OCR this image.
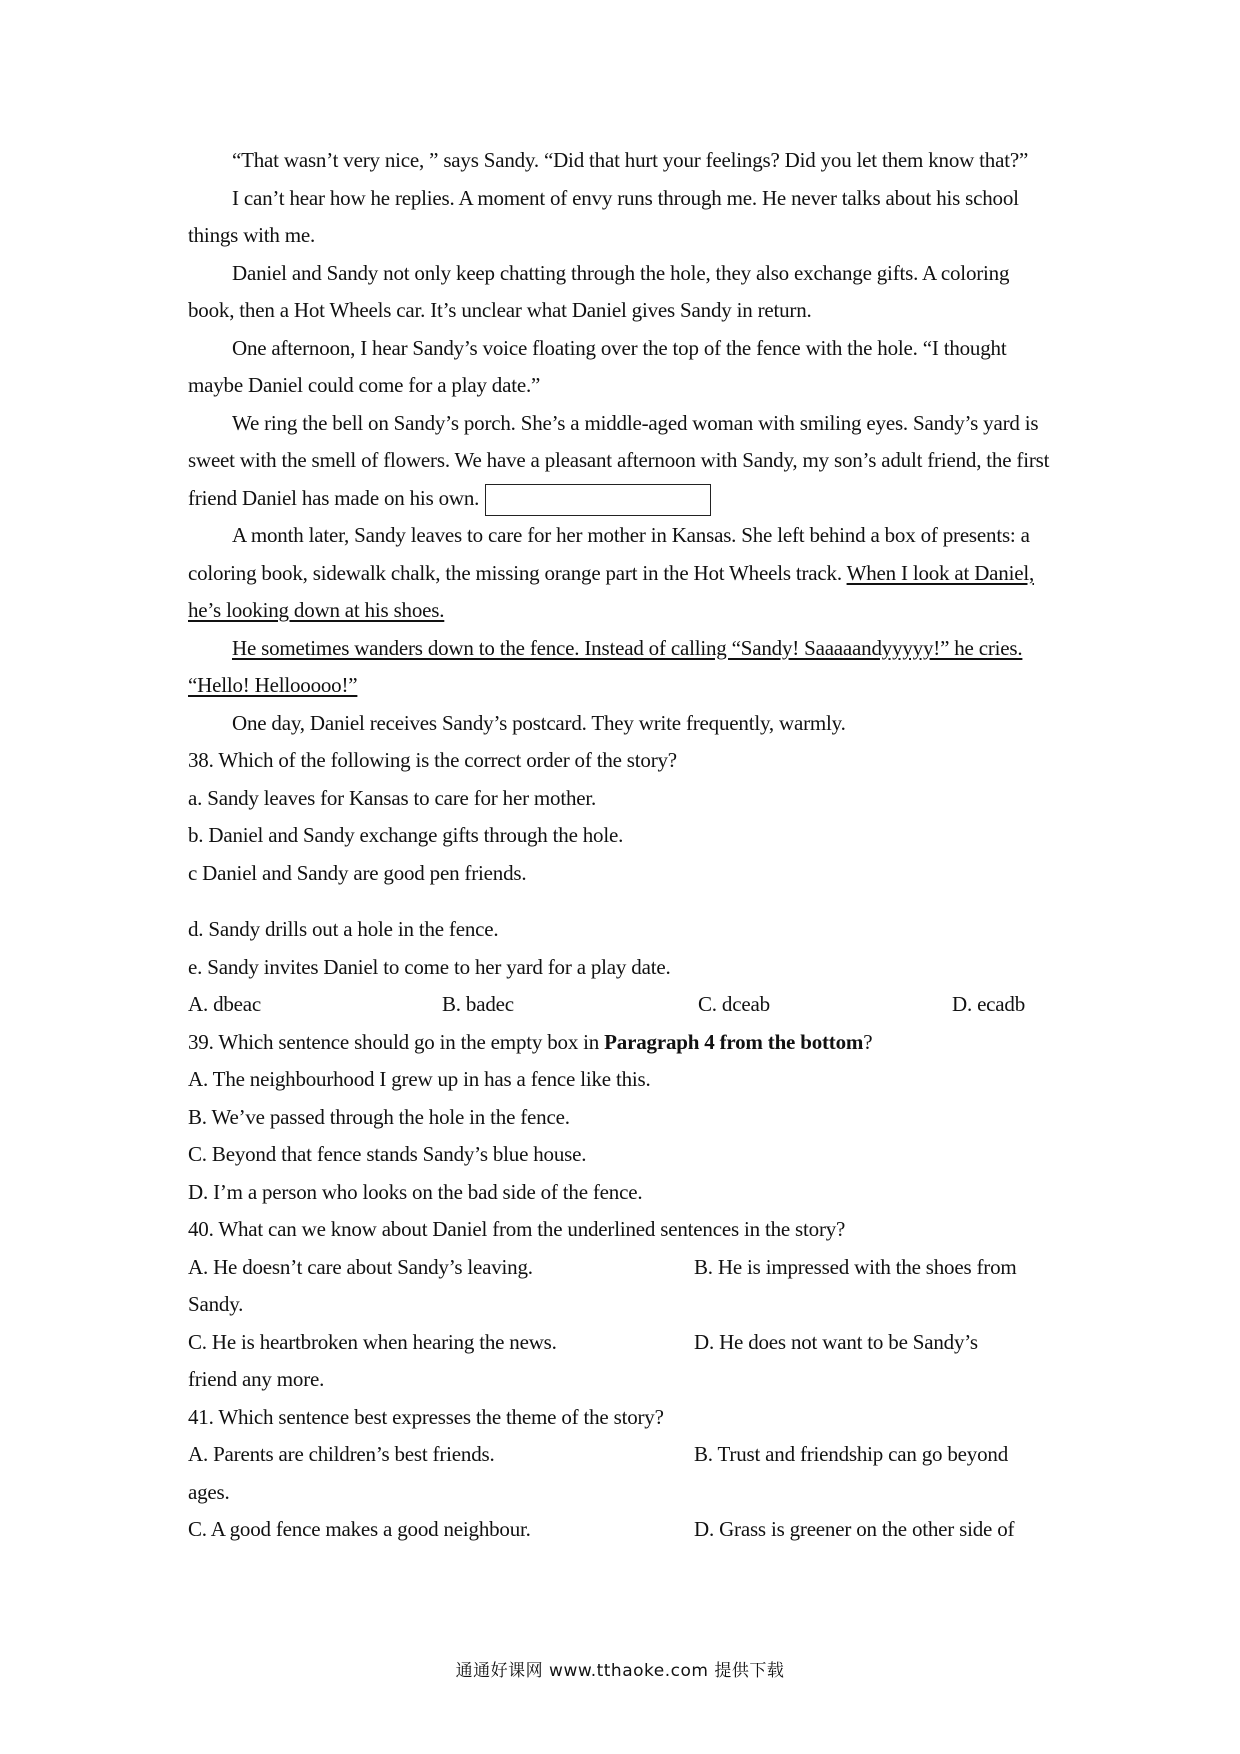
“That wasn’t very nice, ” says Sandy. “Did that hurt your feelings? Did you let them know that?”

I can’t hear how he replies. A moment of envy runs through me. He never talks about his school things with me.

Daniel and Sandy not only keep chatting through the hole, they also exchange gifts. A coloring book, then a Hot Wheels car. It’s unclear what Daniel gives Sandy in return.

One afternoon, I hear Sandy’s voice floating over the top of the fence with the hole. “I thought maybe Daniel could come for a play date.”

We ring the bell on Sandy’s porch. She’s a middle-aged woman with smiling eyes. Sandy’s yard is sweet with the smell of flowers. We have a pleasant afternoon with Sandy, my son’s adult friend, the first friend Daniel has made on his own.

A month later, Sandy leaves to care for her mother in Kansas. She left behind a box of presents: a coloring book, sidewalk chalk, the missing orange part in the Hot Wheels track. When I look at Daniel, he’s looking down at his shoes.

He sometimes wanders down to the fence. Instead of calling “Sandy! Saaaaandyyyyy!” he cries. “Hello! Hellooooo!”

One day, Daniel receives Sandy’s postcard. They write frequently, warmly.

38. Which of the following is the correct order of the story?

a. Sandy leaves for Kansas to care for her mother.

b. Daniel and Sandy exchange gifts through the hole.

c Daniel and Sandy are good pen friends.

d. Sandy drills out a hole in the fence.

e. Sandy invites Daniel to come to her yard for a play date.

A. dbeac	B. badec	C. dceab	D. ecadb

39. Which sentence should go in the empty box in Paragraph 4 from the bottom?

A. The neighbourhood I grew up in has a fence like this.

B. We’ve passed through the hole in the fence.

C. Beyond that fence stands Sandy’s blue house.

D. I’m a person who looks on the bad side of the fence.

40. What can we know about Daniel from the underlined sentences in the story?

A. He doesn’t care about Sandy’s leaving.	B. He is impressed with the shoes from

Sandy.

C. He is heartbroken when hearing the news.	D. He does not want to be Sandy’s

friend any more.

41. Which sentence best expresses the theme of the story?

A. Parents are children’s best friends.	B. Trust and friendship can go beyond

ages.

C. A good fence makes a good neighbour.	D. Grass is greener on the other side of

通通好课网 www.tthaoke.com 提供下载
